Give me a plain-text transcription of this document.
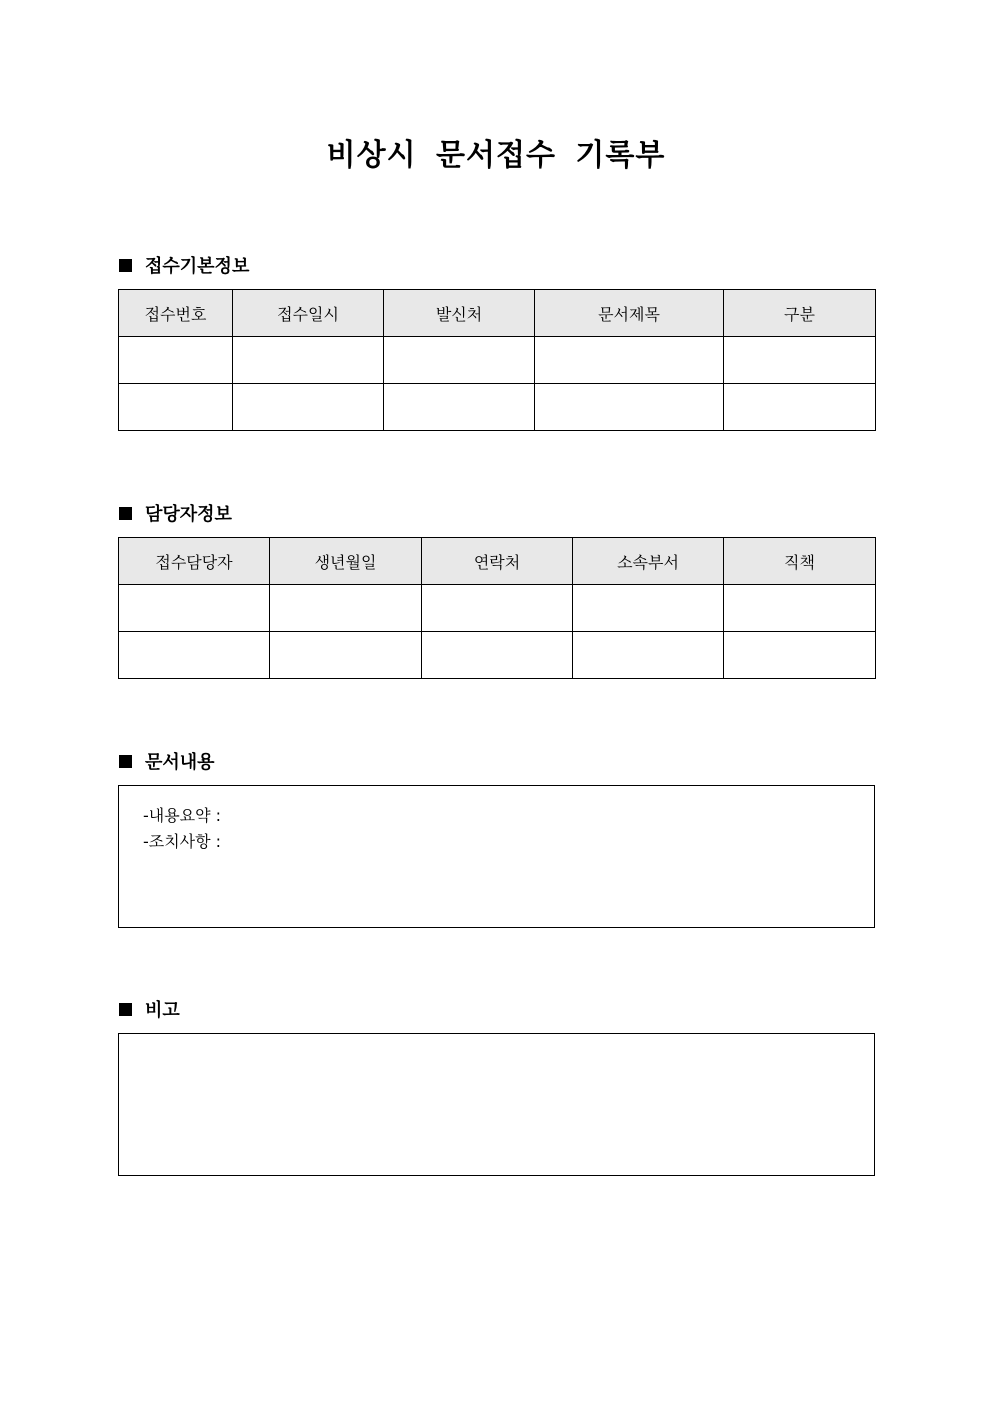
비상시 문서접수 기록부
접수기본정보
접수번호	접수일시	발신처	문서제목	구분

담당자정보
접수담당자	생년월일	연락처	소속부서	직책

문서내용
-내용요약 :
-조치사항 :
비고
